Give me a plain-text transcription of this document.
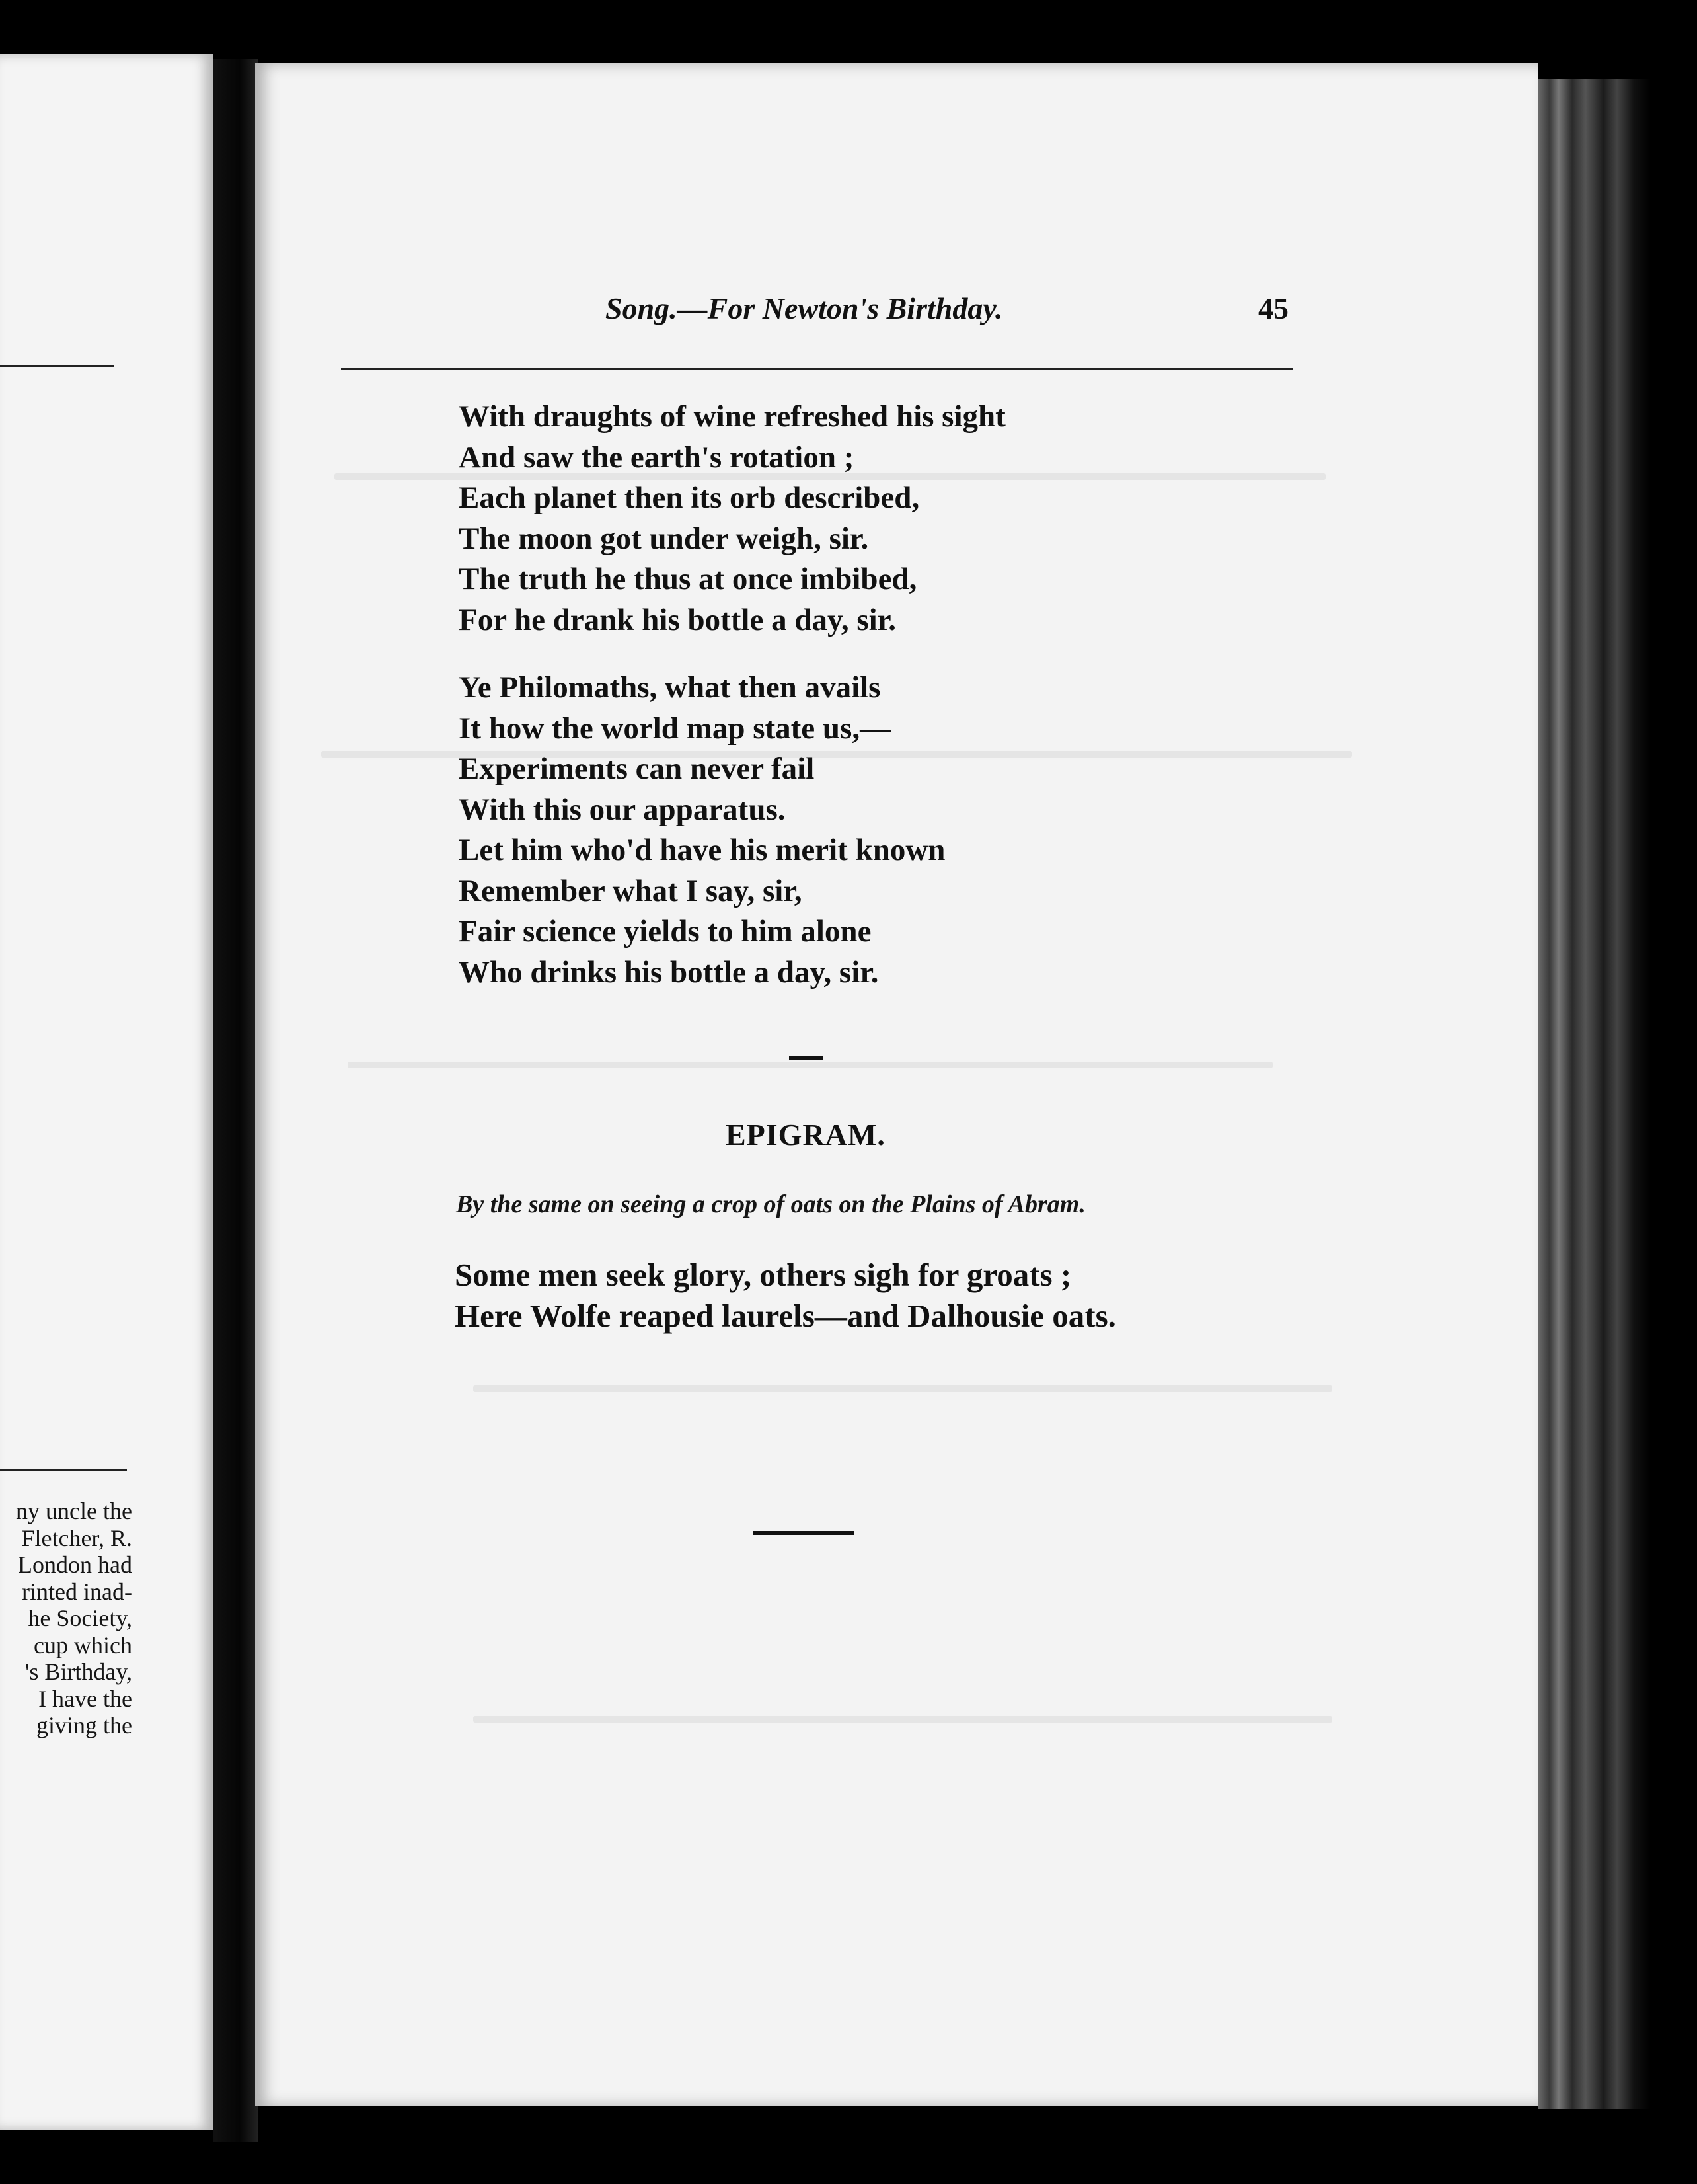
ny uncle the
Fletcher, R.
London had
rinted inad-
he Society,
cup which
's Birthday,
I have the
giving the
Song.—For Newton's Birthday.	45
With draughts of wine refreshed his sight
And saw the earth's rotation ;
Each planet then its orb described,
The moon got under weigh, sir.
The truth he thus at once imbibed,
For he drank his bottle a day, sir.
Ye Philomaths, what then avails
It how the world map state us,—
Experiments can never fail
With this our apparatus.
Let him who'd have his merit known
Remember what I say, sir,
Fair science yields to him alone
Who drinks his bottle a day, sir.
EPIGRAM.
By the same on seeing a crop of oats on the Plains of Abram.
Some men seek glory, others sigh for groats ;
Here Wolfe reaped laurels—and Dalhousie oats.
